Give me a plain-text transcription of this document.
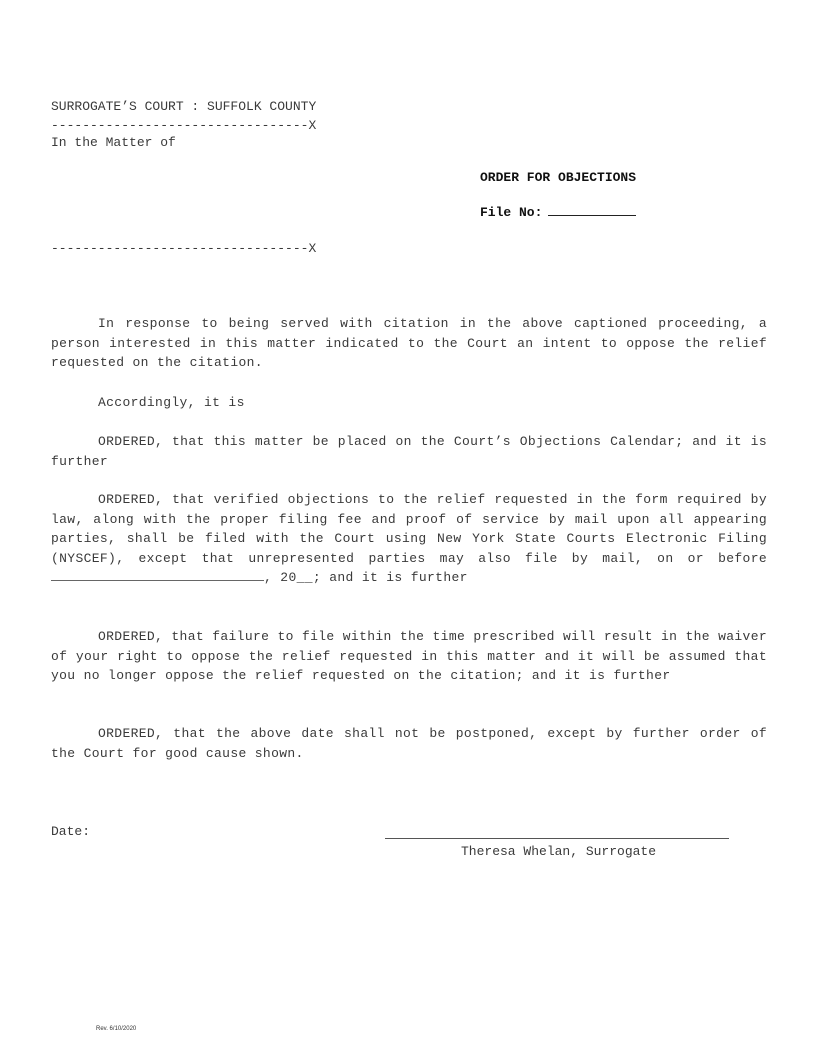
SURROGATE’S COURT : SUFFOLK COUNTY
---------------------------------X
In the Matter of
ORDER FOR OBJECTIONS
File No:
---------------------------------X
In response to being served with citation in the above captioned proceeding, a person interested in this matter indicated to the Court an intent to oppose the relief requested on the citation.
Accordingly, it is
ORDERED, that this matter be placed on the Court’s Objections Calendar; and it is further
ORDERED, that verified objections to the relief requested in the form required by law, along with the proper filing fee and proof of service by mail upon all appearing parties, shall be filed with the Court using New York State Courts Electronic Filing (NYSCEF), except that unrepresented parties may also file by mail, on or before , 20__; and it is further
ORDERED, that failure to file within the time prescribed will result in the waiver of your right to oppose the relief requested in this matter and it will be assumed that you no longer oppose the relief requested on the citation; and it is further
ORDERED, that the above date shall not be postponed, except by further order of the Court for good cause shown.
Date:
Theresa Whelan, Surrogate
Rev. 6/10/2020
